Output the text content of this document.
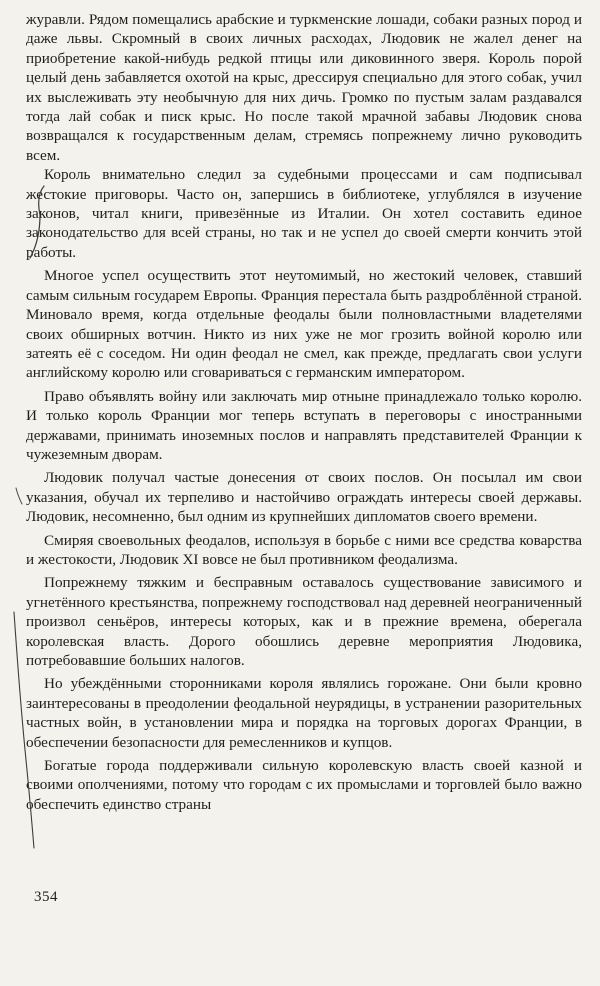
журавли. Рядом помещались арабские и туркменские лошади, собаки разных пород и даже львы. Скромный в своих личных расходах, Людовик не жалел денег на приобретение какой-нибудь редкой птицы или диковинного зверя. Король порой целый день забавляется охотой на крыс, дрессируя специально для этого собак, учил их выслеживать эту необычную для них дичь. Громко по пустым залам раздавался тогда лай собак и писк крыс. Но после такой мрачной забавы Людовик снова возвращался к государственным делам, стремясь попрежнему лично руководить всем.

Король внимательно следил за судебными процессами и сам подписывал жестокие приговоры. Часто он, запершись в библиотеке, углублялся в изучение законов, читал книги, привезённые из Италии. Он хотел составить единое законодательство для всей страны, но так и не успел до своей смерти кончить этой работы.

Многое успел осуществить этот неутомимый, но жестокий человек, ставший самым сильным государем Европы. Франция перестала быть раздроблённой страной. Миновало время, когда отдельные феодалы были полновластными владетелями своих обширных вотчин. Никто из них уже не мог грозить войной королю или затеять её с соседом. Ни один феодал не смел, как прежде, предлагать свои услуги английскому королю или сговариваться с германским императором.

Право объявлять войну или заключать мир отныне принадлежало только королю. И только король Франции мог теперь вступать в переговоры с иностранными державами, принимать иноземных послов и направлять представителей Франции к чужеземным дворам.

Людовик получал частые донесения от своих послов. Он посылал им свои указания, обучал их терпеливо и настойчиво ограждать интересы своей державы. Людовик, несомненно, был одним из крупнейших дипломатов своего времени.

Смиряя своевольных феодалов, используя в борьбе с ними все средства коварства и жестокости, Людовик XI вовсе не был противником феодализма.

Попрежнему тяжким и бесправным оставалось существование зависимого и угнетённого крестьянства, попрежнему господствовал над деревней неограниченный произвол сеньёров, интересы которых, как и в прежние времена, оберегала королевская власть. Дорого обошлись деревне мероприятия Людовика, потребовавшие больших налогов.

Но убеждёнными сторонниками короля являлись горожане. Они были кровно заинтересованы в преодолении феодальной неурядицы, в устранении разорительных частных войн, в установлении мира и порядка на торговых дорогах Франции, в обеспечении безопасности для ремесленников и купцов.

Богатые города поддерживали сильную королевскую власть своей казной и своими ополчениями, потому что городам с их промыслами и торговлей было важно обеспечить единство страны

354
